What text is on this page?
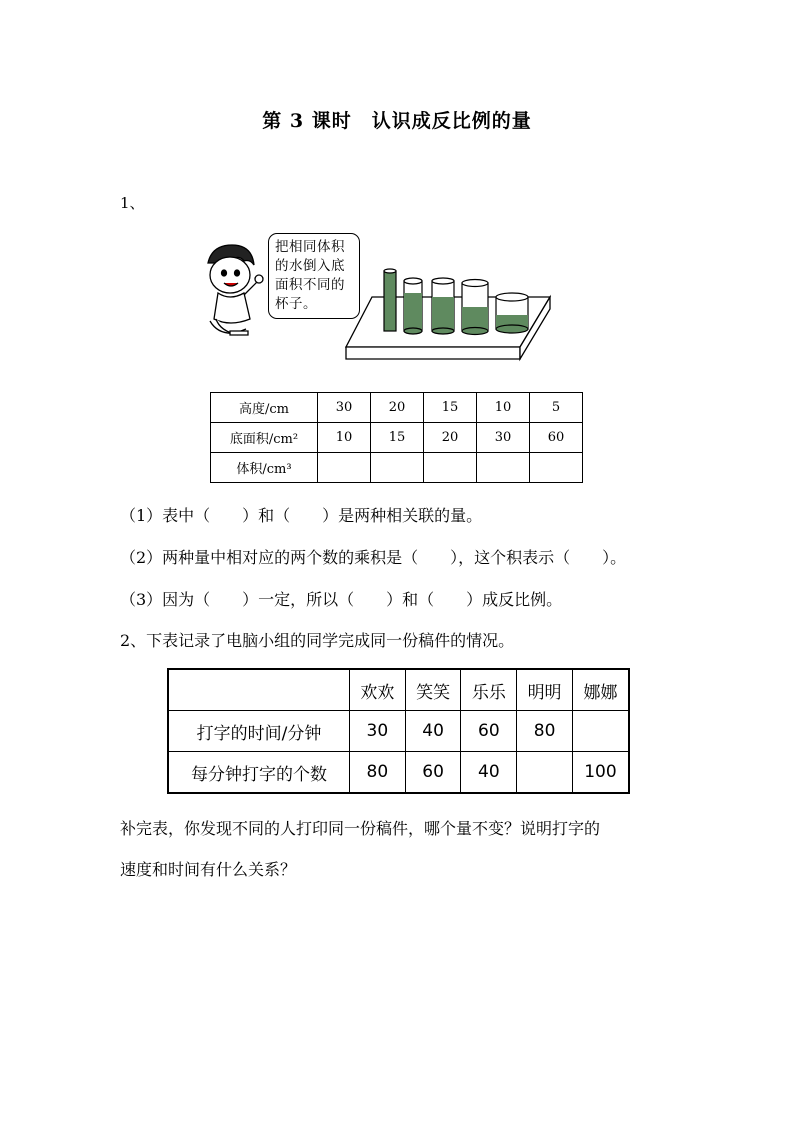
第 3 课时　认识成反比例的量
1、
把相同体积的水倒入底面积不同的杯子。
高度/cm	30	20	15	10	5
底面积/cm²	10	15	20	30	60
体积/cm³					
（1）表中（　　）和（　　）是两种相关联的量。
（2）两种量中相对应的两个数的乘积是（　　），这个积表示（　　）。
（3）因为（　　）一定，所以（　　）和（　　）成反比例。
2、下表记录了电脑小组的同学完成同一份稿件的情况。
	欢欢	笑笑	乐乐	明明	娜娜
打字的时间/分钟	30	40	60	80	
每分钟打字的个数	80	60	40		100
补完表，你发现不同的人打印同一份稿件，哪个量不变？说明打字的
速度和时间有什么关系？
